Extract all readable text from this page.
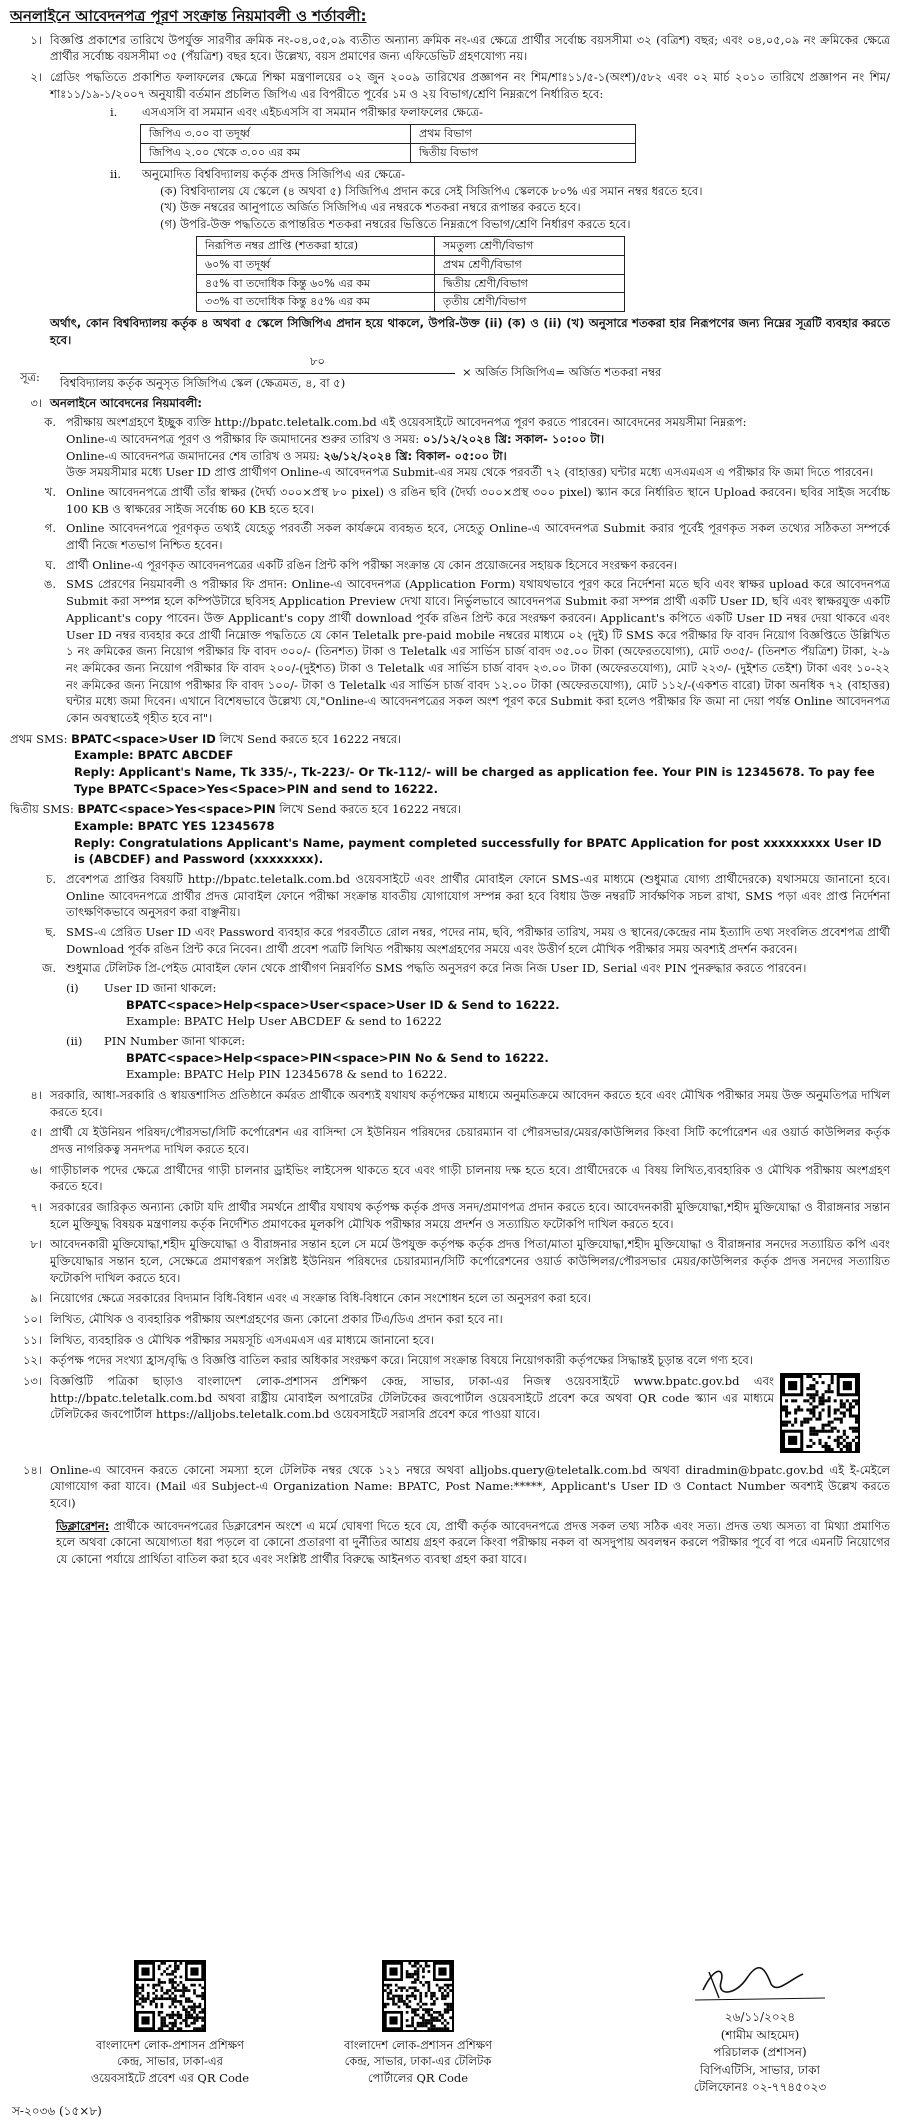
অনলাইনে আবেদনপত্র পূরণ সংক্রান্ত নিয়মাবলী ও শর্তাবলী:
১। বিজ্ঞপ্তি প্রকাশের তারিখে উপর্যুক্ত সারণীর ক্রমিক নং-০৪,০৫,০৯ ব্যতীত অন্যান্য ক্রমিক নং-এর ক্ষেত্রে প্রার্থীর সর্বোচ্চ বয়সসীমা ৩২ (বত্রিশ) বছর; এবং ০৪,০৫,০৯ নং ক্রমিকের ক্ষেত্রে প্রার্থীর সর্বোচ্চ বয়সসীমা ৩৫ (পঁয়ত্রিশ) বছর হবে। উল্লেখ্য, বয়স প্রমাণের জন্য এফিডেভিট গ্রহণযোগ্য নয়।
২। গ্রেডিং পদ্ধতিতে প্রকাশিত ফলাফলের ক্ষেত্রে শিক্ষা মন্ত্রণালয়ের ০২ জুন ২০০৯ তারিখের প্রজ্ঞাপন নং শিম/শাঃ১১/৫-১(অংশ)/৫৮২ এবং ০২ মার্চ ২০১০ তারিখে প্রজ্ঞাপন নং শিম/শাঃ১১/১৯-১/২০০৭ অনুযায়ী বর্তমান প্রচলিত জিপিএ এর বিপরীতে পূর্বের ১ম ও ২য় বিভাগ/শ্রেণি নিম্নরূপে নির্ধারিত হবে:
i.	এসএসসি বা সমমান এবং এইচএসসি বা সমমান পরীক্ষার ফলাফলের ক্ষেত্রে-
জিপিএ ৩.০০ বা তদূর্ধ্ব	প্রথম বিভাগ
জিপিএ ২.০০ থেকে ৩.০০ এর কম	দ্বিতীয় বিভাগ
ii.	অনুমোদিত বিশ্ববিদ্যালয় কর্তৃক প্রদত্ত সিজিপিএ এর ক্ষেত্রে-
(ক) বিশ্ববিদ্যালয় যে স্কেলে (৪ অথবা ৫) সিজিপিএ প্রদান করে সেই সিজিপিএ স্কেলকে ৮০% এর সমান নম্বর ধরতে হবে।
(খ) উক্ত নম্বরের আনুপাতে অর্জিত সিজিপিএ এর নম্বরকে শতকরা নম্বরে রূপান্তর করতে হবে।
(গ) উপরি-উক্ত পদ্ধতিতে রূপান্তরিত শতকরা নম্বরের ভিত্তিতে নিম্নরূপে বিভাগ/শ্রেণি নির্ধারণ করতে হবে।
নিরূপিত নম্বর প্রাপ্তি (শতকরা হারে)	সমতুল্য শ্রেণী/বিভাগ
৬০% বা তদূর্ধ্ব	প্রথম শ্রেণী/বিভাগ
৪৫% বা তদোধিক কিন্তু ৬০% এর কম	দ্বিতীয় শ্রেণী/বিভাগ
৩৩% বা তদোধিক কিন্তু ৪৫% এর কম	তৃতীয় শ্রেণী/বিভাগ
অর্থাৎ, কোন বিশ্ববিদ্যালয় কর্তৃক ৪ অথবা ৫ স্কেলে সিজিপিএ প্রদান হয়ে থাকলে, উপরি-উক্ত (ii) (ক) ও (ii) (খ) অনুসারে শতকরা হার নিরূপণের জন্য নিম্নের সূত্রটি ব্যবহার করতে হবে।
সূত্র:
৮০
× অর্জিত সিজিপিএ= অর্জিত শতকরা নম্বর
বিশ্ববিদ্যালয় কর্তৃক অনুসৃত সিজিপিএ স্কেল (ক্ষেত্রমত, ৪, বা ৫)
৩। অনলাইনে আবেদনের নিয়মাবলী:
ক. পরীক্ষায় অংশগ্রহণে ইচ্ছুক ব্যক্তি http://bpatc.teletalk.com.bd এই ওয়েবসাইটে আবেদনপত্র পূরণ করতে পারবেন। আবেদনের সময়সীমা নিম্নরূপ:
Online-এ আবেদনপত্র পূরণ ও পরীক্ষার ফি জমাদানের শুরুর তারিখ ও সময়: ০১/১২/২০২৪ খ্রি: সকাল- ১০:০০ টা।
Online-এ আবেদনপত্র জমাদানের শেষ তারিখ ও সময়: ২৬/১২/২০২৪ খ্রি: বিকাল- ০৫:০০ টা।
উক্ত সময়সীমার মধ্যে User ID প্রাপ্ত প্রার্থীগণ Online-এ আবেদনপত্র Submit-এর সময় থেকে পরবর্তী ৭২ (বাহাত্তর) ঘন্টার মধ্যে এসএমএস এ পরীক্ষার ফি জমা দিতে পারবেন।
খ. Online আবেদনপত্রে প্রার্থী তাঁর স্বাক্ষর (দৈর্ঘ্য ৩০০×প্রস্থ ৮০ pixel) ও রঙিন ছবি (দৈর্ঘ্য ৩০০×প্রস্থ ৩০০ pixel) স্ক্যান করে নির্ধারিত স্থানে Upload করবেন। ছবির সাইজ সর্বোচ্চ 100 KB ও স্বাক্ষরের সাইজ সর্বোচ্চ 60 KB হতে হবে।
গ. Online আবেদনপত্রে পূরণকৃত তথ্যই যেহেতু পরবর্তী সকল কার্যক্রমে ব্যবহৃত হবে, সেহেতু Online-এ আবেদনপত্র Submit করার পূর্বেই পূরণকৃত সকল তথ্যের সঠিকতা সম্পর্কে প্রার্থী নিজে শতভাগ নিশ্চিত হবেন।
ঘ. প্রার্থী Online-এ পূরণকৃত আবেদনপত্রের একটি রঙিন প্রিন্ট কপি পরীক্ষা সংক্রান্ত যে কোন প্রয়োজনের সহায়ক হিসেবে সংরক্ষণ করবেন।
ঙ. SMS প্রেরণের নিয়মাবলী ও পরীক্ষার ফি প্রদান: Online-এ আবেদনপত্র (Application Form) যথাযথভাবে পূরণ করে নির্দেশনা মতে ছবি এবং স্বাক্ষর upload করে আবেদনপত্র Submit করা সম্পন্ন হলে কম্পিউটারে ছবিসহ Application Preview দেখা যাবে। নির্ভুলভাবে আবেদনপত্র Submit করা সম্পন্ন প্রার্থী একটি User ID, ছবি এবং স্বাক্ষরযুক্ত একটি Applicant's copy পাবেন। উক্ত Applicant's copy প্রার্থী download পূর্বক রঙিন প্রিন্ট করে সংরক্ষণ করবেন। Applicant's কপিতে একটি User ID নম্বর দেয়া থাকবে এবং User ID নম্বর ব্যবহার করে প্রার্থী নিম্নোক্ত পদ্ধতিতে যে কোন Teletalk pre-paid mobile নম্বরের মাধ্যমে ০২ (দুই) টি SMS করে পরীক্ষার ফি বাবদ নিয়োগ বিজ্ঞপ্তিতে উল্লিখিত ১ নং ক্রমিকের জন্য নিয়োগ পরীক্ষার ফি বাবদ ৩০০/- (তিনশত) টাকা ও Teletalk এর সার্ভিস চার্জ বাবদ ৩৫.০০ টাকা (অফেরতযোগ্য), মোট ৩৩৫/- (তিনশত পঁয়ত্রিশ) টাকা, ২-৯ নং ক্রমিকের জন্য নিয়োগ পরীক্ষার ফি বাবদ ২০০/-(দুইশত) টাকা ও Teletalk এর সার্ভিস চার্জ বাবদ ২৩.০০ টাকা (অফেরতযোগ্য), মোট ২২৩/- (দুইশত তেইশ) টাকা এবং ১০-২২ নং ক্রমিকের জন্য নিয়োগ পরীক্ষার ফি বাবদ ১০০/- টাকা ও Teletalk এর সার্ভিস চার্জ বাবদ ১২.০০ টাকা (অফেরতযোগ্য), মোট ১১২/-(একশত বারো) টাকা অনধিক ৭২ (বাহাত্তর) ঘন্টার মধ্যে জমা দিবেন। এখানে বিশেষভাবে উল্লেখ্য যে,"Online-এ আবেদনপত্রের সকল অংশ পূরণ করে Submit করা হলেও পরীক্ষার ফি জমা না দেয়া পর্যন্ত Online আবেদনপত্র কোন অবস্থাতেই গৃহীত হবে না"।
প্রথম SMS: BPATC<space>User ID লিখে Send করতে হবে 16222 নম্বরে।
Example: BPATC ABCDEF
Reply: Applicant's Name, Tk 335/-, Tk-223/- Or Tk-112/- will be charged as application fee. Your PIN is 12345678. To pay fee Type BPATC<Space>Yes<Space>PIN and send to 16222.
দ্বিতীয় SMS: BPATC<space>Yes<space>PIN লিখে Send করতে হবে 16222 নম্বরে।
Example: BPATC YES 12345678
Reply: Congratulations Applicant's Name, payment completed successfully for BPATC Application for post xxxxxxxxx User ID is (ABCDEF) and Password (xxxxxxxx).
চ. প্রবেশপত্র প্রাপ্তির বিষয়টি http://bpatc.teletalk.com.bd ওয়েবসাইটে এবং প্রার্থীর মোবাইল ফোনে SMS-এর মাধ্যমে (শুধুমাত্র যোগ্য প্রার্থীদেরকে) যথাসময়ে জানানো হবে। Online আবেদনপত্রে প্রার্থীর প্রদত্ত মোবাইল ফোনে পরীক্ষা সংক্রান্ত যাবতীয় যোগাযোগ সম্পন্ন করা হবে বিধায় উক্ত নম্বরটি সার্বক্ষণিক সচল রাখা, SMS পড়া এবং প্রাপ্ত নির্দেশনা তাৎক্ষণিকভাবে অনুসরণ করা বাঞ্ছনীয়।
ছ. SMS-এ প্রেরিত User ID এবং Password ব্যবহার করে পরবর্তীতে রোল নম্বর, পদের নাম, ছবি, পরীক্ষার তারিখ, সময় ও স্থানের/কেন্দ্রের নাম ইত্যাদি তথ্য সংবলিত প্রবেশপত্র প্রার্থী Download পূর্বক রঙিন প্রিন্ট করে নিবেন। প্রার্থী প্রবেশ পত্রটি লিখিত পরীক্ষায় অংশগ্রহণের সময়ে এবং উত্তীর্ণ হলে মৌখিক পরীক্ষার সময় অবশ্যই প্রদর্শন করবেন।
জ. শুধুমাত্র টেলিটক প্রি-পেইড মোবাইল ফোন থেকে প্রার্থীগণ নিম্নবর্ণিত SMS পদ্ধতি অনুসরণ করে নিজ নিজ User ID, Serial এবং PIN পুনরুদ্ধার করতে পারবেন।
(i)	User ID জানা থাকলে:
BPATC<space>Help<space>User<space>User ID & Send to 16222.
Example: BPATC Help User ABCDEF & send to 16222
(ii)	PIN Number জানা থাকলে:
BPATC<space>Help<space>PIN<space>PIN No & Send to 16222.
Example: BPATC Help PIN 12345678 & send to 16222.
৪। সরকারি, আধা-সরকারি ও স্বায়ত্তশাসিত প্রতিষ্ঠানে কর্মরত প্রার্থীকে অবশ্যই যথাযথ কর্তৃপক্ষের মাধ্যমে অনুমতিক্রমে আবেদন করতে হবে এবং মৌখিক পরীক্ষার সময় উক্ত অনুমতিপত্র দাখিল করতে হবে।
৫। প্রার্থী যে ইউনিয়ন পরিষদ/পৌরসভা/সিটি কর্পোরেশন এর বাসিন্দা সে ইউনিয়ন পরিষদের চেয়ারম্যান বা পৌরসভার/মেয়র/কাউন্সিলর কিংবা সিটি কর্পোরেশন এর ওয়ার্ড কাউন্সিলর কর্তৃক প্রদত্ত নাগরিকত্ব সনদপত্র দাখিল করতে হবে।
৬। গাড়ীচালক পদের ক্ষেত্রে প্রার্থীদের গাড়ী চালনার ড্রাইভিং লাইসেন্স থাকতে হবে এবং গাড়ী চালনায় দক্ষ হতে হবে। প্রার্থীদেরকে এ বিষয় লিখিত,ব্যবহারিক ও মৌখিক পরীক্ষায় অংশগ্রহণ করতে হবে।
৭। সরকারের জারিকৃত অন্যান্য কোটা যদি প্রার্থীর সমর্থনে প্রার্থীর যথাযথ কর্তৃপক্ষ কর্তৃক প্রদত্ত সনদ/প্রমাণপত্র প্রদান করতে হবে। আবেদনকারী মুক্তিযোদ্ধা,শহীদ মুক্তিযোদ্ধা ও বীরাঙ্গনার সন্তান হলে মুক্তিযুদ্ধ বিষয়ক মন্ত্রণালয় কর্তৃক নির্দেশিত প্রমাণকের মূলকপি মৌখিক পরীক্ষার সময়ে প্রদর্শন ও সত্যায়িত ফটোকপি দাখিল করতে হবে।
৮। আবেদনকারী মুক্তিযোদ্ধা,শহীদ মুক্তিযোদ্ধা ও বীরাঙ্গনার সন্তান হলে সে মর্মে উপযুক্ত কর্তৃপক্ষ কর্তৃক প্রদত্ত পিতা/মাতা মুক্তিযোদ্ধা,শহীদ মুক্তিযোদ্ধা ও বীরাঙ্গনার সনদের সত্যায়িত কপি এবং মুক্তিযোদ্ধার সন্তান হলে, সেক্ষেত্রে প্রমাণস্বরূপ সংশ্লিষ্ট ইউনিয়ন পরিষদের চেয়ারম্যান/সিটি কর্পোরেশনের ওয়ার্ড কাউন্সিলর/পৌরসভার মেয়র/কাউন্সিলর কর্তৃক প্রদত্ত সনদের সত্যায়িত ফটোকপি দাখিল করতে হবে।
৯। নিয়োগের ক্ষেত্রে সরকারের বিদ্যমান বিধি-বিধান এবং এ সংক্রান্ত বিধি-বিধানে কোন সংশোধন হলে তা অনুসরণ করা হবে।
১০। লিখিত, মৌখিক ও ব্যবহারিক পরীক্ষায় অংশগ্রহণের জন্য কোনো প্রকার টিএ/ডিএ প্রদান করা হবে না।
১১। লিখিত, ব্যবহারিক ও মৌখিক পরীক্ষার সময়সূচি এসএমএস এর মাধ্যমে জানানো হবে।
১২। কর্তৃপক্ষ পদের সংখ্যা হ্রাস/বৃদ্ধি ও বিজ্ঞপ্তি বাতিল করার অধিকার সংরক্ষণ করে। নিয়োগ সংক্রান্ত বিষয়ে নিয়োগকারী কর্তৃপক্ষের সিদ্ধান্তই চূড়ান্ত বলে গণ্য হবে।
১৩। বিজ্ঞপ্তিটি পত্রিকা ছাড়াও বাংলাদেশ লোক-প্রশাসন প্রশিক্ষণ কেন্দ্র, সাভার, ঢাকা-এর নিজস্ব ওয়েবসাইটে www.bpatc.gov.bd এবং http://bpatc.teletalk.com.bd অথবা রাষ্ট্রীয় মোবাইল অপারেটর টেলিটকের জবপোর্টাল ওয়েবসাইটে প্রবেশ করে অথবা QR code স্ক্যান এর মাধ্যমে টেলিটকের জবপোর্টাল https://alljobs.teletalk.com.bd ওয়েবসাইটে সরাসরি প্রবেশ করে পাওয়া যাবে।
১৪। Online-এ আবেদন করতে কোনো সমস্যা হলে টেলিটক নম্বর থেকে ১২১ নম্বরে অথবা alljobs.query@teletalk.com.bd অথবা diradmin@bpatc.gov.bd এই ই-মেইলে যোগাযোগ করা যাবে। (Mail এর Subject-এ Organization Name: BPATC, Post Name:*****, Applicant's User ID ও Contact Number অবশ্যই উল্লেখ করতে হবে।)
ডিক্লারেশন: প্রার্থীকে আবেদনপত্রের ডিক্লারেশন অংশে এ মর্মে ঘোষণা দিতে হবে যে, প্রার্থী কর্তৃক আবেদনপত্রে প্রদত্ত সকল তথ্য সঠিক এবং সত্য। প্রদত্ত তথ্য অসত্য বা মিথ্যা প্রমাণিত হলে অথবা কোনো অযোগ্যতা ধরা পড়লে বা কোনো প্রতারণা বা দুর্নীতির আশ্রয় গ্রহণ করলে কিংবা পরীক্ষায় নকল বা অসদুপায় অবলম্বন করলে পরীক্ষার পূর্বে বা পরে এমনটি নিয়োগের যে কোনো পর্যায়ে প্রার্থিতা বাতিল করা হবে এবং সংশ্লিষ্ট প্রার্থীর বিরুদ্ধে আইনগত ব্যবস্থা গ্রহণ করা যাবে।
বাংলাদেশ লোক-প্রশাসন প্রশিক্ষণ
কেন্দ্র, সাভার, ঢাকা-এর
ওয়েবসাইটে প্রবেশ এর QR Code
বাংলাদেশ লোক-প্রশাসন প্রশিক্ষণ
কেন্দ্র, সাভার, ঢাকা-এর টেলিটক
পোর্টালের QR Code
২৬/১১/২০২৪
(শামীম আহমেদ)
পরিচালক (প্রশাসন)
বিপিএটিসি, সাভার, ঢাকা
টেলিফোনঃ ০২-৭৭৪৫০২৩
স-২০৩৬ (১৫×৮)
